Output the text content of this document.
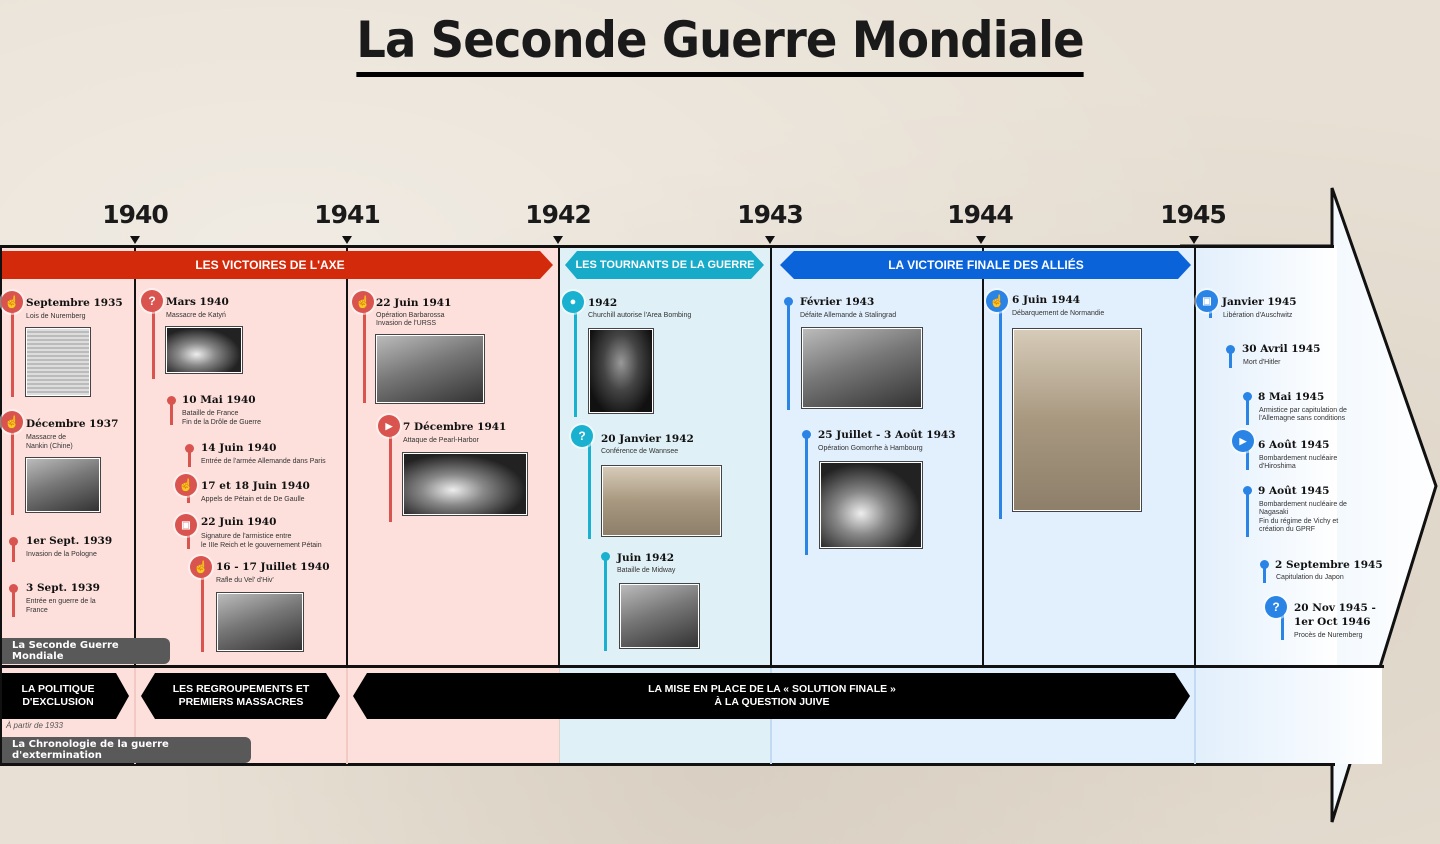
La Seconde Guerre Mondiale
1940	1941	1942	1943	1944	1945
LES VICTOIRES DE L'AXE	LES TOURNANTS DE LA GUERRE	LA VICTOIRE FINALE DES ALLIÉS
☝ Septembre 1935
Lois de Nuremberg
☝ Décembre 1937
Massacre de Nankin (Chine)
1er Sept. 1939
Invasion de la Pologne
3 Sept. 1939
Entrée en guerre de la France
? Mars 1940
Massacre de Katyń
10 Mai 1940
Bataille de France
Fin de la Drôle de Guerre
14 Juin 1940
Entrée de l'armée Allemande dans Paris
☝ 17 et 18 Juin 1940
Appels de Pétain et de De Gaulle
▣ 22 Juin 1940
Signature de l'armistice entre
le IIIe Reich et le gouvernement Pétain
☝ 16 - 17 Juillet 1940
Rafle du Vel' d'Hiv'
☝ 22 Juin 1941
Opération Barbarossa
Invasion de l'URSS
▶	7 Décembre 1941
Attaque de Pearl-Harbor
●	1942
Churchill autorise l'Area Bombing
?	20 Janvier 1942
Conférence de Wannsee
Juin 1942
Bataille de Midway
Février 1943
Défaite Allemande à Stalingrad
25 Juillet - 3 Août 1943
Opération Gomorrhe à Hambourg
☝ 6 Juin 1944
Débarquement de Normandie
▣ Janvier 1945
Libération d'Auschwitz
30 Avril 1945
Mort d'Hitler
8 Mai 1945
Armistice par capitulation de
l'Allemagne sans conditions
▶	6 Août 1945
Bombardement nucléaire
d'Hiroshima
9 Août 1945
Bombardement nucléaire de
Nagasaki
Fin du régime de Vichy et
création du GPRF
2 Septembre 1945
Capitulation du Japon
?	20 Nov 1945 -
1er Oct 1946
Procès de Nuremberg
La Seconde Guerre Mondiale
La Chronologie de la guerre d'extermination
LA POLITIQUE
D'EXCLUSION
LES REGROUPEMENTS ET
PREMIERS MASSACRES
LA MISE EN PLACE DE LA « SOLUTION FINALE »
À LA QUESTION JUIVE
À partir de 1933
